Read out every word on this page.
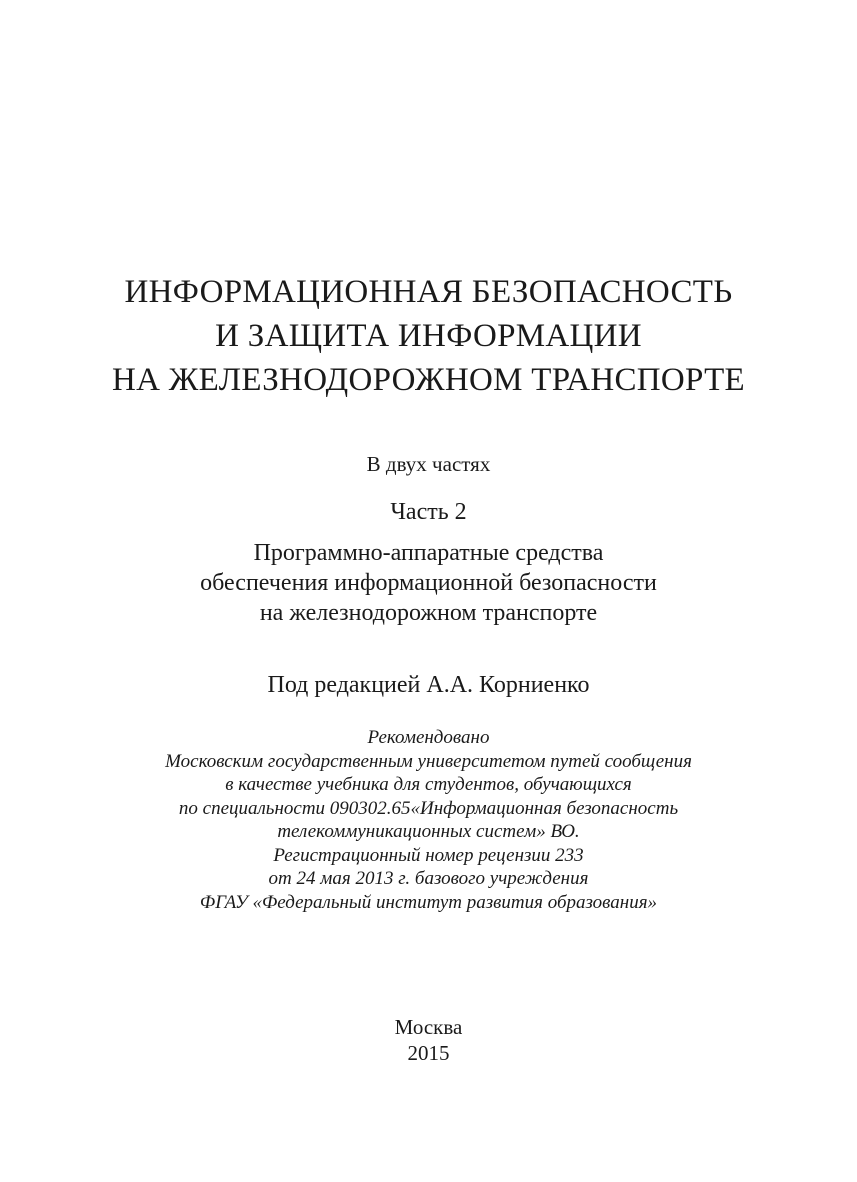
ИНФОРМАЦИОННАЯ БЕЗОПАСНОСТЬ
И ЗАЩИТА ИНФОРМАЦИИ
НА ЖЕЛЕЗНОДОРОЖНОМ ТРАНСПОРТЕ
В двух частях
Часть 2
Программно-аппаратные средства
обеспечения информационной безопасности
на железнодорожном транспорте
Под редакцией А.А. Корниенко
Рекомендовано
Московским государственным университетом путей сообщения
в качестве учебника для студентов, обучающихся
по специальности 090302.65«Информационная безопасность
телекоммуникационных систем» ВО.
Регистрационный номер рецензии 233
от 24 мая 2013 г. базового учреждения
ФГАУ «Федеральный институт развития образования»
Москва
2015
